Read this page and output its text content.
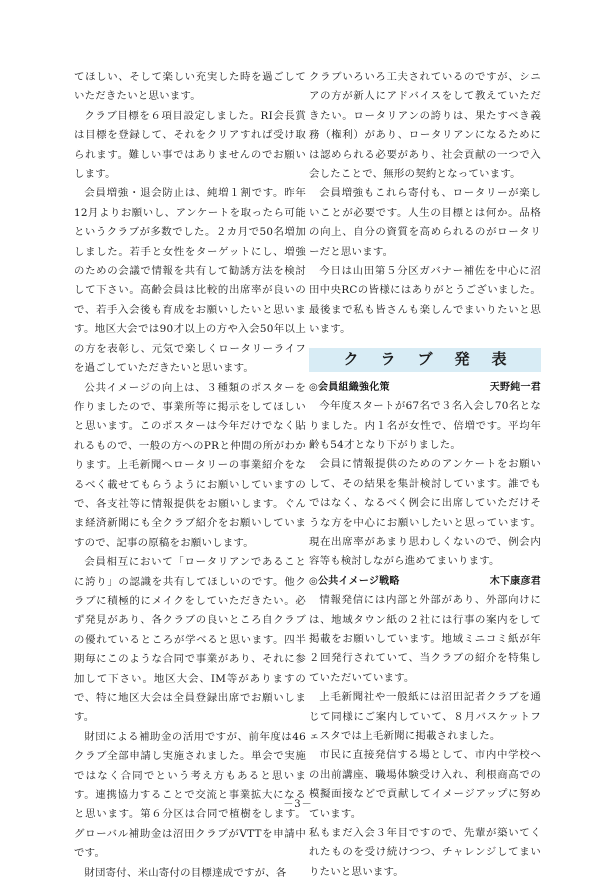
てほしい、そして楽しい充実した時を過ごしていただきたいと思います。

クラブ目標を６項目設定しました。RI会長賞は目標を登録して、それをクリアすれば受け取られます。難しい事ではありませんのでお願いします。

会員増強・退会防止は、純増１割です。昨年12月よりお願いし、アンケートを取ったら可能というクラブが多数でした。２カ月で50名増加しました。若手と女性をターゲットにし、増強のための会議で情報を共有して勧誘方法を検討して下さい。高齢会員は比較的出席率が良いので、若手入会後も育成をお願いしたいと思います。地区大会では90才以上の方や入会50年以上の方を表彰し、元気で楽しくロータリーライフを過ごしていただきたいと思います。

公共イメージの向上は、３種類のポスターを作りましたので、事業所等に掲示をしてほしいと思います。このポスターは今年だけでなく貼れるもので、一般の方へのPRと仲間の所がわかります。上毛新聞へロータリーの事業紹介をなるべく載せてもらうようにお願いしていますので、各支社等に情報提供をお願いします。ぐんま経済新聞にも全クラブ紹介をお願いしていますので、記事の原稿をお願いします。

会員相互において「ロータリアンであることに誇り」の認識を共有してほしいのです。他クラブに積極的にメイクをしていただきたい。必ず発見があり、各クラブの良いところ自クラブの優れているところが学べると思います。四半期毎にこのような合同で事業があり、それに参加して下さい。地区大会、IM等がありますので、特に地区大会は全員登録出席でお願いします。

財団による補助金の活用ですが、前年度は46クラブ全部申請し実施されました。単会で実施ではなく合同でという考え方もあると思います。連携協力することで交流と事業拡大になると思います。第６分区は合同で植樹をします。グローバル補助金は沼田クラブがVTTを申請中です。

財団寄付、米山寄付の目標達成ですが、各

クラブいろいろ工夫されているのですが、シニアの方が新人にアドバイスをして教えていただきたい。ロータリアンの誇りは、果たすべき義務（権利）があり、ロータリアンになるためには認められる必要があり、社会貢献の一つで入会したことで、無形の契約となっています。

会員増強もこれら寄付も、ロータリーが楽しいことが必要です。人生の目標とは何か。品格の向上、自分の資質を高められるのがロータリーだと思います。

今日は山田第５分区ガバナー補佐を中心に沼田中央RCの皆様にはありがとうございました。最後まで私も皆さんも楽しんでまいりたいと思います。

クラブ発表
◎会員組織強化策	天野純一君

今年度スタートが67名で３名入会し70名となりました。内１名が女性で、倍増です。平均年齢も54才となり下がりました。

会員に情報提供のためのアンケートをお願いして、その結果を集計検討しています。誰でもではなく、なるべく例会に出席していただけそうな方を中心にお願いしたいと思っています。現在出席率があまり思わしくないので、例会内容等も検討しながら進めてまいります。

◎公共イメージ戦略	木下康彦君

情報発信には内部と外部があり、外部向けには、地域タウン紙の２社には行事の案内をして掲載をお願いしています。地域ミニコミ紙が年２回発行されていて、当クラブの紹介を特集していただいています。

上毛新聞社や一般紙には沼田記者クラブを通じて同様にご案内していて、８月バスケットフェスタでは上毛新聞に掲載されました。

市民に直接発信する場として、市内中学校への出前講座、職場体験受け入れ、利根商高での模擬面接などで貢献してイメージアップに努めています。

私もまだ入会３年目ですので、先輩が築いてくれたものを受け続けつつ、チャレンジしてまいりたいと思います。

－3－
